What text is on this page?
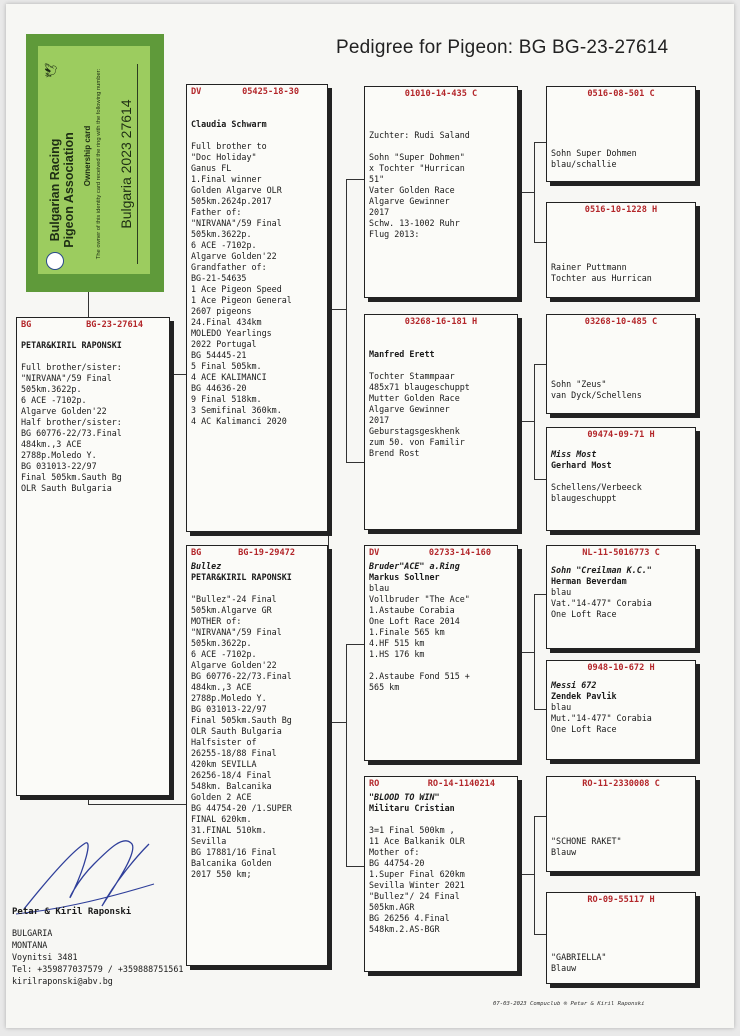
Pedigree for Pigeon: BG BG-23-27614
Bulgarian Racing Pigeon Association
🕊
Ownership card The owner of this identity card received the ring with the following number: Bulgaria 2023 27614
BG	BG-23-27614
PETAR&KIRIL RAPONSKI
Full brother/sister:
"NIRVANA"/59 Final
505km.3622p.
6 ACE -7102p.
Algarve Golden'22
Half brother/sister:
BG 60776-22/73.Final
484km.,3 ACE
2788p.Moledo Y.
BG 031013-22/97
Final 505km.Sauth Bg
OLR Sauth Bulgaria
DV	05425-18-30
Claudia Schwarm
Full brother to
"Doc Holiday"
Ganus FL
1.Final winner
Golden Algarve OLR
505km.2624p.2017
Father of:
"NIRVANA"/59 Final
505km.3622p.
6 ACE -7102p.
Algarve Golden'22
Grandfather of:
BG-21-54635
1 Ace Pigeon Speed
1 Ace Pigeon General
2607 pigeons
24.Final 434km
MOLEDO Yearlings
2022 Portugal
BG 54445-21
5 Final 505km.
4 ACE KALIMANCI
BG 44636-20
9 Final 518km.
3 Semifinal 360km.
4 AC Kalimanci 2020
BG	BG-19-29472
Bullez
PETAR&KIRIL RAPONSKI
"Bullez"-24 Final
505km.Algarve GR
MOTHER of:
"NIRVANA"/59 Final
505km.3622p.
6 ACE -7102p.
Algarve Golden'22
BG 60776-22/73.Final
484km.,3 ACE
2788p.Moledo Y.
BG 031013-22/97
Final 505km.Sauth Bg
OLR Sauth Bulgaria
Halfsister of
26255-18/88 Final
420km SEVILLA
26256-18/4 Final
548km. Balcanika
Golden 2 ACE
BG 44754-20 /1.SUPER
FINAL 620km.
31.FINAL 510km.
Sevilla
BG 17881/16 Final
Balcanika Golden
2017 550 km;
01010-14-435 C
Zuchter: Rudi Saland

Sohn "Super Dohmen"
x Tochter "Hurrican
51"
Vater Golden Race
Algarve Gewinner
2017
Schw. 13-1002 Ruhr
Flug 2013:
03268-16-181 H
Manfred Erett
Tochter Stammpaar
485x71 blaugeschuppt
Mutter Golden Race
Algarve Gewinner
2017
Geburstagsgeskhenk
zum 50. von Familir
Brend Rost
DV	02733-14-160
Bruder"ACE" a.Ring
Markus Sollner
blau
Vollbruder "The Ace"
1.Astaube Corabia
One Loft Race 2014
1.Finale 565 km
4.HF 515 km
1.HS 176 km

2.Astaube Fond 515 +
565 km
RO	RO-14-1140214
"BLOOD TO WIN"
Militaru Cristian
3=1 Final 500km ,
11 Ace Balkanik OLR
Mother of:
BG 44754-20
1.Super Final 620km
Sevilla Winter 2021
"Bullez"/ 24 Final
505km.AGR
BG 26256 4.Final
548km.2.AS-BGR
0516-08-501 C
Sohn Super Dohmen
blau/schallie
0516-10-1228 H
Rainer Puttmann
Tochter aus Hurrican
03268-10-485 C
Sohn "Zeus"
van Dyck/Schellens
09474-09-71 H
Miss Most
Gerhard Most
Schellens/Verbeeck
blaugeschuppt
NL-11-5016773 C
Sohn "Creilman K.C."
Herman Beverdam
blau
Vat."14-477" Corabia
One Loft Race
0948-10-672 H
Messi 672
Zendek Pavlik
blau
Mut."14-477" Corabia
One Loft Race
RO-11-2330008 C
"SCHONE RAKET"
Blauw
RO-09-55117 H
"GABRIELLA"
Blauw
Petar & Kiril Raponski
BULGARIA
MONTANA
Voynitsi 3481
Tel: +359877037579 / +359888751561
kirilraponski@abv.bg
07-03-2023 Compuclub ® Petar & Kiril Raponski
